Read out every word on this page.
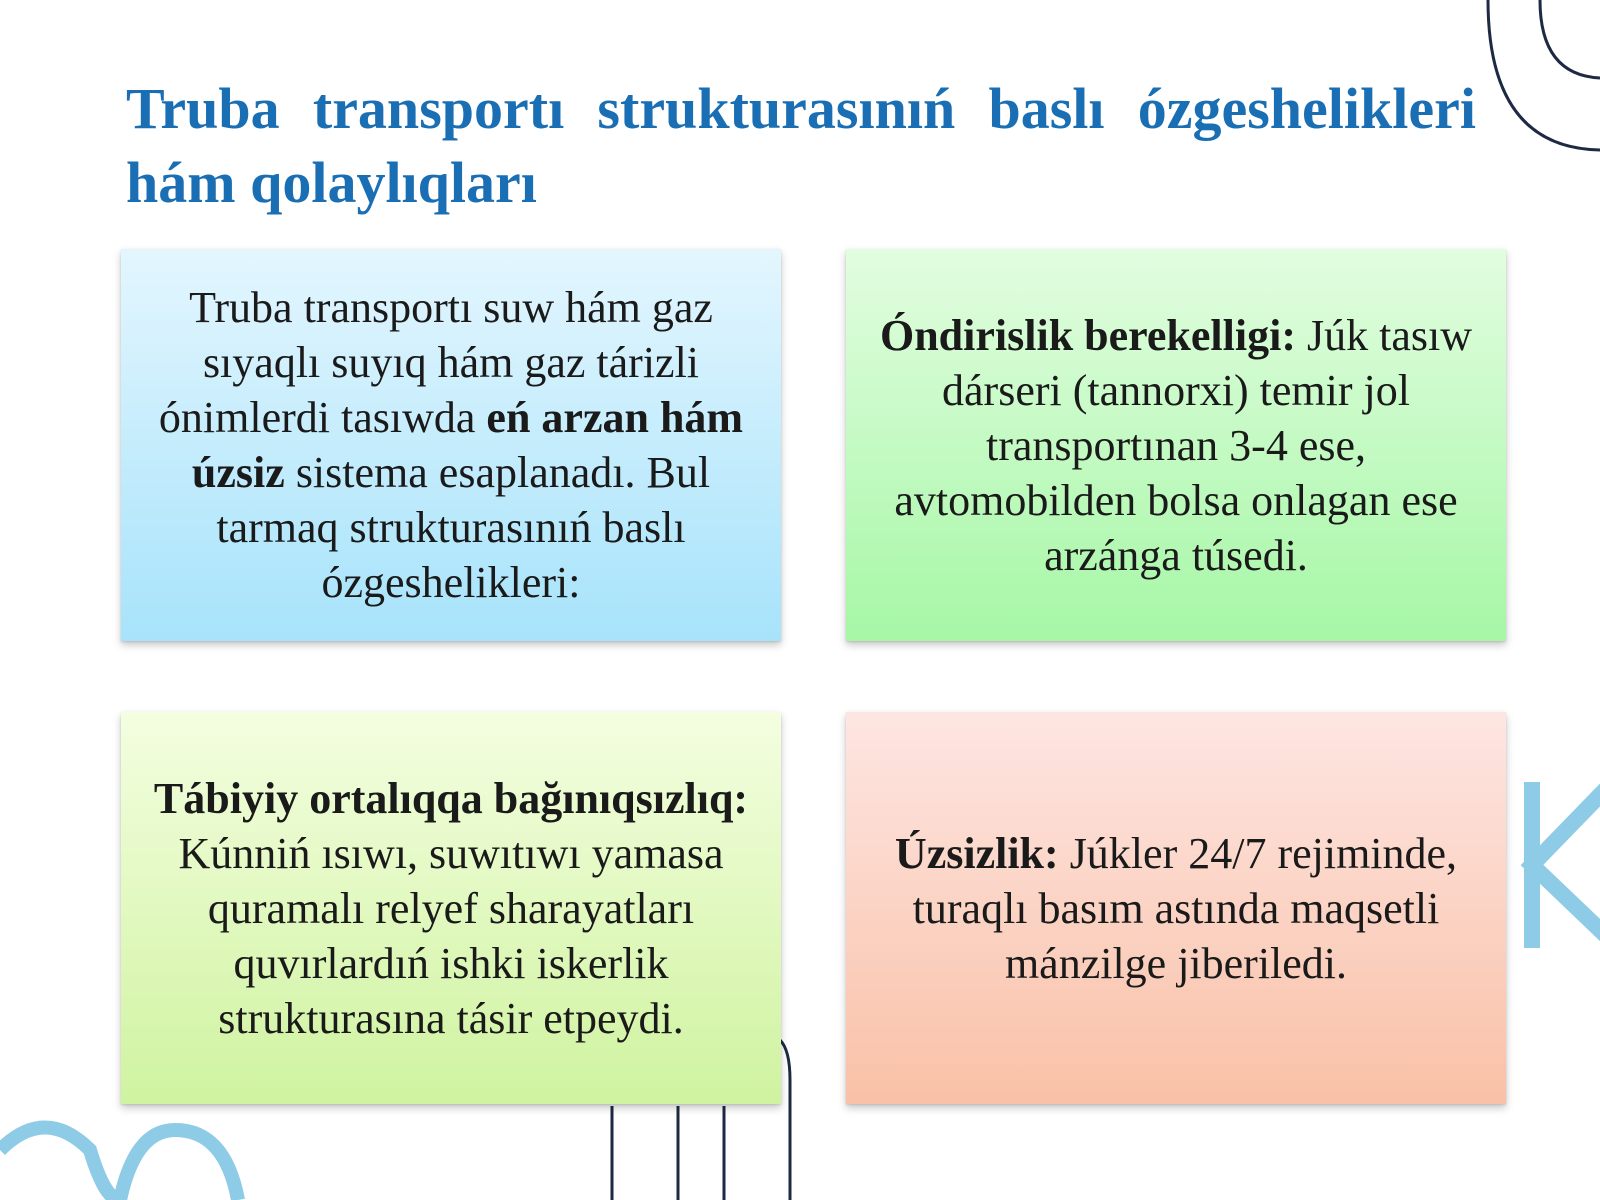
Truba transportı strukturasınıń baslı ózgeshelikleri hám qolaylıqları

Truba transportı suw hám gaz sıyaqlı suyıq hám gaz tárizli ónimlerdi tasıwda eń arzan hám úzsiz sistema esaplanadı. Bul tarmaq strukturasınıń baslı ózgeshelikleri:

Óndirislik berekelligi: Júk tasıw dárseri (tannorxi) temir jol transportınan 3-4 ese, avtomobilden bolsa onlagan ese arzánga túsedi.

Tábiyiy ortalıqqa bağınıqsızlıq: Kúnniń ısıwı, suwıtıwı yamasa quramalı relyef sharayatları quvırlardıń ishki iskerlik strukturasına tásir etpeydi.

Úzsizlik: Júkler 24/7 rejiminde, turaqlı basım astında maqsetli mánzilge jiberiledi.
